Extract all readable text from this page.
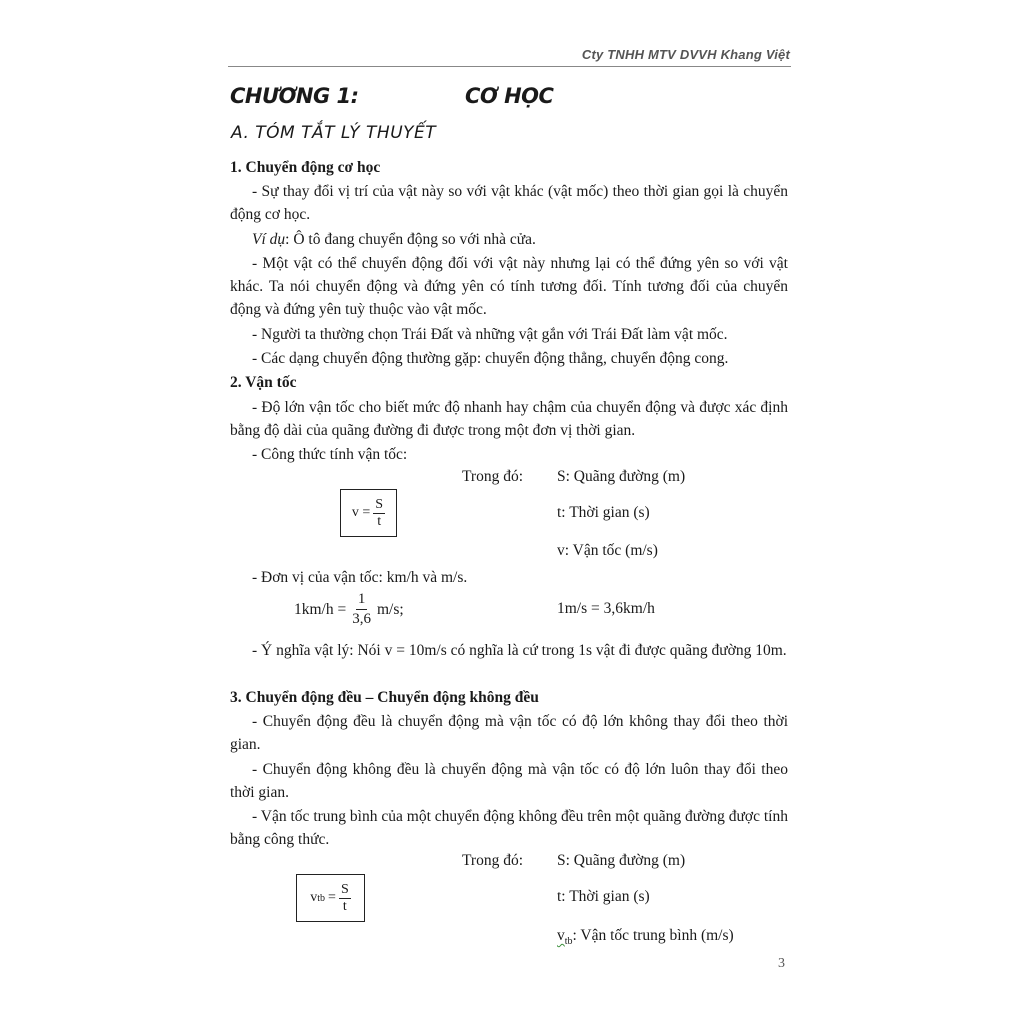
Cty TNHH MTV DVVH Khang Việt
CHƯƠNG 1:	CƠ HỌC
A. TÓM TẮT LÝ THUYẾT
1. Chuyển động cơ học
- Sự thay đổi vị trí của vật này so với vật khác (vật mốc) theo thời gian gọi là chuyển động cơ học.
Ví dụ: Ô tô đang chuyển động so với nhà cửa.
- Một vật có thể chuyển động đối với vật này nhưng lại có thể đứng yên so với vật khác. Ta nói chuyển động và đứng yên có tính tương đối. Tính tương đối của chuyển động và đứng yên tuỳ thuộc vào vật mốc.
- Người ta thường chọn Trái Đất và những vật gắn với Trái Đất làm vật mốc.
- Các dạng chuyển động thường gặp: chuyển động thẳng, chuyển động cong.
2. Vận tốc
- Độ lớn vận tốc cho biết mức độ nhanh hay chậm của chuyển động và được xác định bằng độ dài của quãng đường đi được trong một đơn vị thời gian.
- Công thức tính vận tốc:
Trong đó: S: Quãng đường (m)
t: Thời gian (s)
v: Vận tốc (m/s)
$v = \frac{S}{t}$
- Đơn vị của vận tốc: km/h và m/s.
$1km/h = \frac{1}{3,6} m/s$;	1m/s = 3,6km/h
- Ý nghĩa vật lý: Nói v = 10m/s có nghĩa là cứ trong 1s vật đi được quãng đường 10m.
3. Chuyển động đều – Chuyển động không đều
- Chuyển động đều là chuyển động mà vận tốc có độ lớn không thay đổi theo thời gian.
- Chuyển động không đều là chuyển động mà vận tốc có độ lớn luôn thay đổi theo thời gian.
- Vận tốc trung bình của một chuyển động không đều trên một quãng đường được tính bằng công thức.
Trong đó: S: Quãng đường (m)
t: Thời gian (s)
$v_{tb}$: Vận tốc trung bình (m/s)
v tb = $\frac{S}{t}$
3
